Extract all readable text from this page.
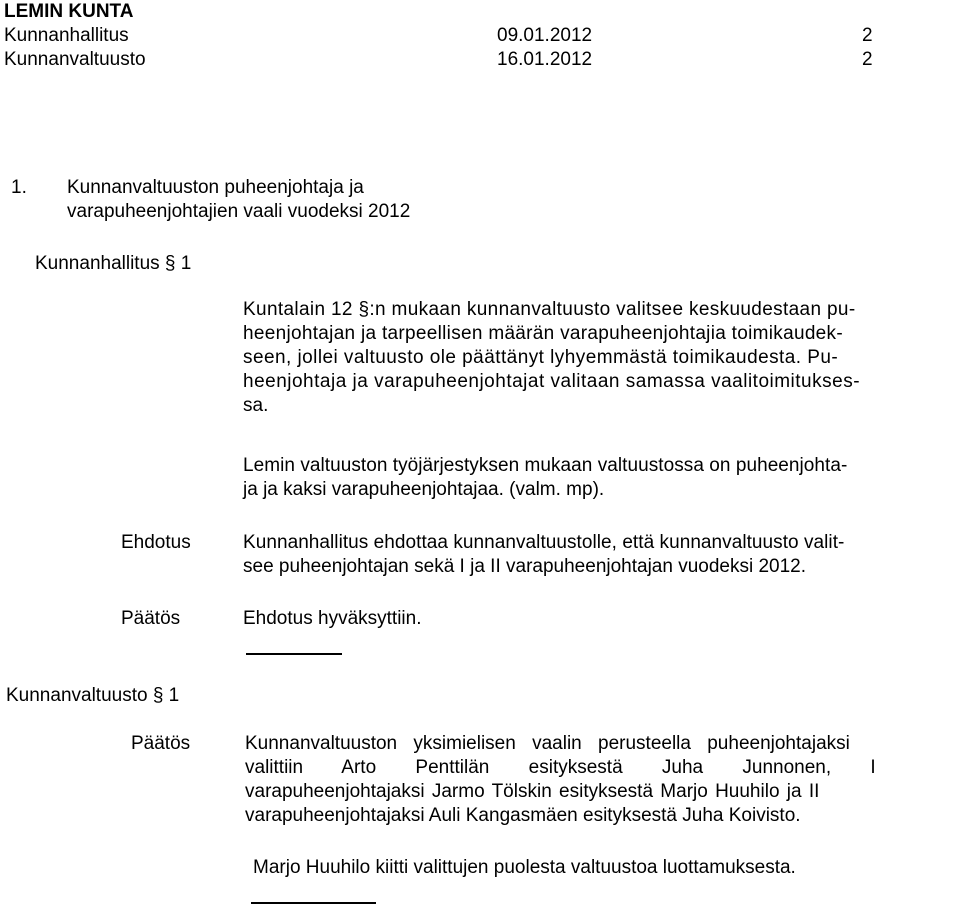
LEMIN KUNTA
Kunnanhallitus	09.01.2012	2
Kunnanvaltuusto	16.01.2012	2
1. Kunnanvaltuuston puheenjohtaja ja
varapuheenjohtajien vaali vuodeksi 2012
Kunnanhallitus § 1
Kuntalain 12 §:n mukaan kunnanvaltuusto valitsee keskuudestaan pu-
heenjohtajan ja tarpeellisen määrän varapuheenjohtajia toimikaudek-
seen, jollei valtuusto ole päättänyt lyhyemmästä toimikaudesta. Pu-
heenjohtaja ja varapuheenjohtajat valitaan samassa vaalitoimitukses-
sa.
Lemin valtuuston työjärjestyksen mukaan valtuustossa on puheenjohta-
ja ja kaksi varapuheenjohtajaa. (valm. mp).
Ehdotus	Kunnanhallitus ehdottaa kunnanvaltuustolle, että kunnanvaltuusto valit-
see puheenjohtajan sekä I ja II varapuheenjohtajan vuodeksi 2012.
Päätös	Ehdotus hyväksyttiin.
Kunnanvaltuusto § 1
Päätös	Kunnanvaltuuston yksimielisen vaalin perusteella puheenjohtajaksi
valittiin Arto Penttilän esityksestä Juha Junnonen, I
varapuheenjohtajaksi Jarmo Tölskin esityksestä Marjo Huuhilo ja II
varapuheenjohtajaksi Auli Kangasmäen esityksestä Juha Koivisto.
Marjo Huuhilo kiitti valittujen puolesta valtuustoa luottamuksesta.
